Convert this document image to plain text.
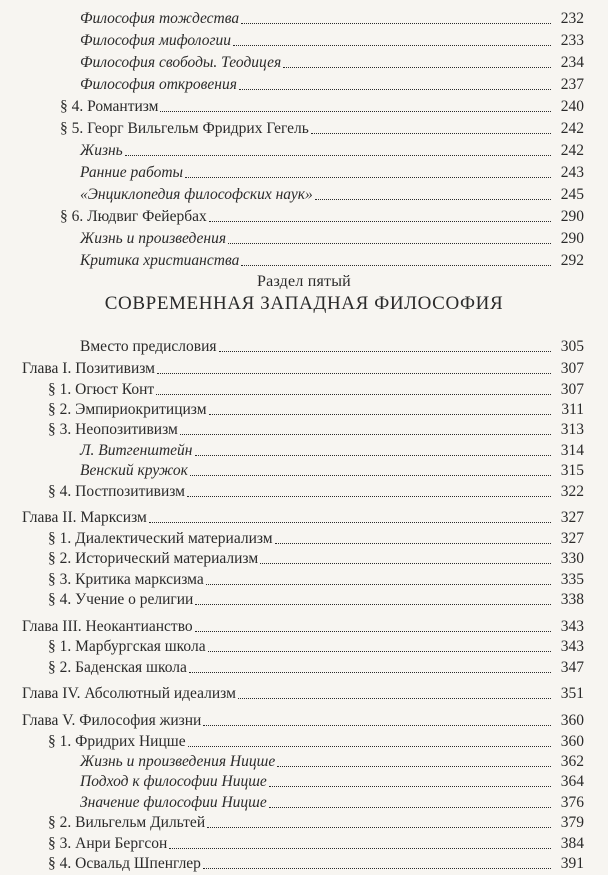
Философия тождества	232
Философия мифологии	233
Философия свободы. Теодицея	234
Философия откровения	237
§ 4. Романтизм	240
§ 5. Георг Вильгельм Фридрих Гегель	242
Жизнь	242
Ранние работы	243
«Энциклопедия философских наук»	245
§ 6. Людвиг Фейербах	290
Жизнь и произведения	290
Критика христианства	292
Раздел пятый
СОВРЕМЕННАЯ ЗАПАДНАЯ ФИЛОСОФИЯ
Вместо предисловия	305
Глава I. Позитивизм	307
§ 1. Огюст Конт	307
§ 2. Эмпириокритицизм	311
§ 3. Неопозитивизм	313
Л. Витгенштейн	314
Венский кружок	315
§ 4. Постпозитивизм	322
Глава II. Марксизм	327
§ 1. Диалектический материализм	327
§ 2. Исторический материализм	330
§ 3. Критика марксизма	335
§ 4. Учение о религии	338
Глава III. Неокантианство	343
§ 1. Марбургская школа	343
§ 2. Баденская школа	347
Глава IV. Абсолютный идеализм	351
Глава V. Философия жизни	360
§ 1. Фридрих Ницше	360
Жизнь и произведения Ницше	362
Подход к философии Ницше	364
Значение философии Ницше	376
§ 2. Вильгельм Дильтей	379
§ 3. Анри Бергсон	384
§ 4. Освальд Шпенглер	391
